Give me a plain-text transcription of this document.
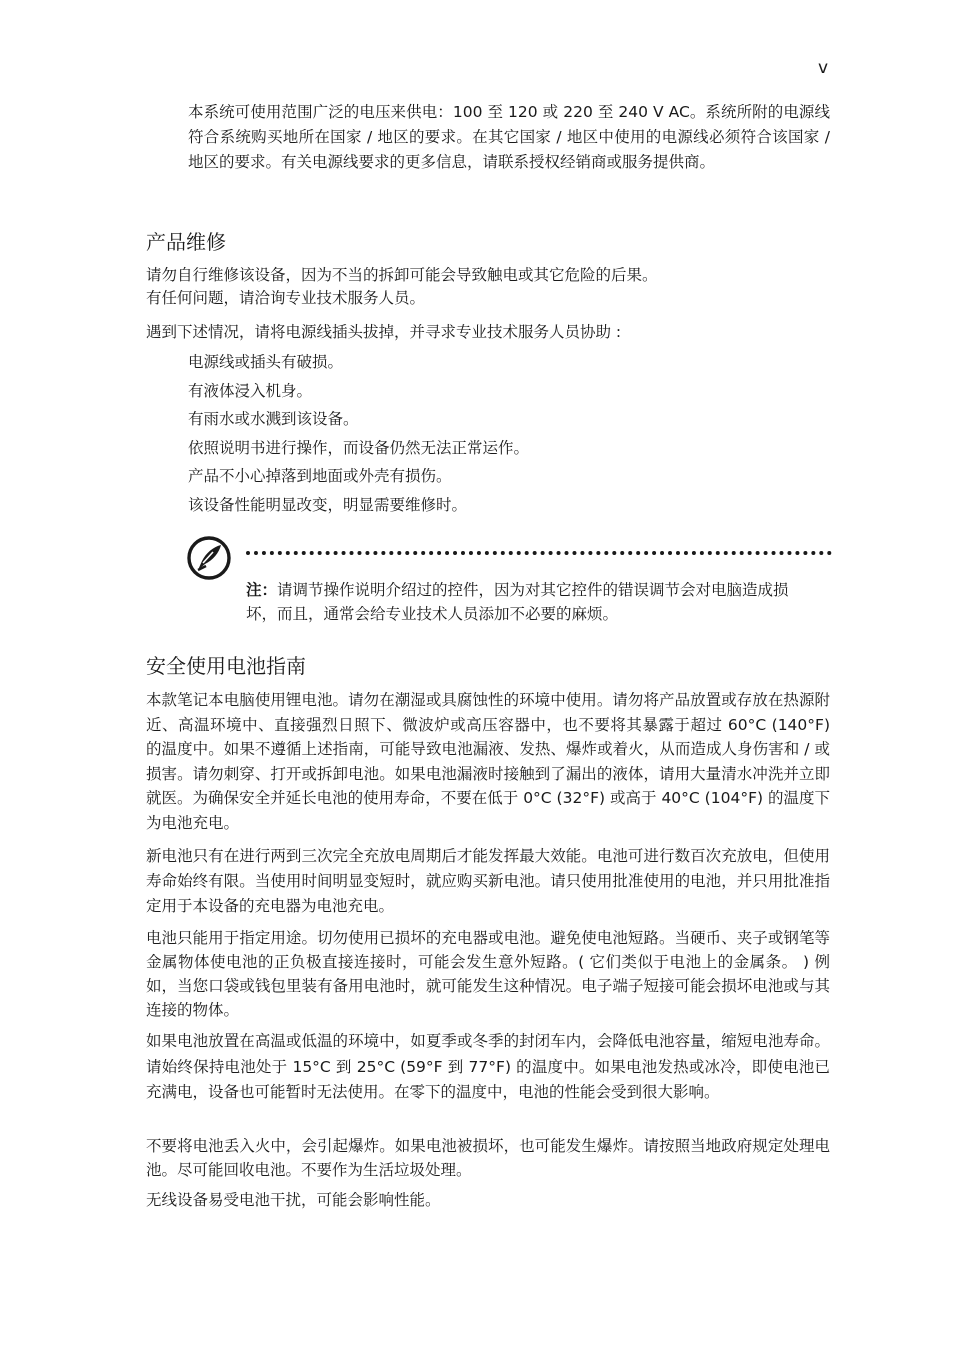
v

本系统可使用范围广泛的电压来供电：100 至 120 或 220 至 240 V AC。系统所附的电源线符合系统购买地所在国家 / 地区的要求。在其它国家 / 地区中使用的电源线必须符合该国家 / 地区的要求。有关电源线要求的更多信息，请联系授权经销商或服务提供商。

产品维修

请勿自行维修该设备，因为不当的拆卸可能会导致触电或其它危险的后果。
有任何问题，请洽询专业技术服务人员。

遇到下述情况，请将电源线插头拔掉，并寻求专业技术服务人员协助 :

电源线或插头有破损。
有液体浸入机身。
有雨水或水溅到该设备。
依照说明书进行操作，而设备仍然无法正常运作。
产品不小心掉落到地面或外壳有损伤。
该设备性能明显改变，明显需要维修时。

注：请调节操作说明介绍过的控件，因为对其它控件的错误调节会对电脑造成损坏，而且，通常会给专业技术人员添加不必要的麻烦。

安全使用电池指南

本款笔记本电脑使用锂电池。请勿在潮湿或具腐蚀性的环境中使用。请勿将产品放置或存放在热源附近、高温环境中、直接强烈日照下、微波炉或高压容器中，也不要将其暴露于超过 60°C (140°F) 的温度中。如果不遵循上述指南，可能导致电池漏液、发热、爆炸或着火，从而造成人身伤害和 / 或损害。请勿刺穿、打开或拆卸电池。如果电池漏液时接触到了漏出的液体，请用大量清水冲洗并立即就医。为确保安全并延长电池的使用寿命，不要在低于 0°C (32°F) 或高于 40°C (104°F) 的温度下为电池充电。

新电池只有在进行两到三次完全充放电周期后才能发挥最大效能。电池可进行数百次充放电，但使用寿命始终有限。当使用时间明显变短时，就应购买新电池。请只使用批准使用的电池，并只用批准指定用于本设备的充电器为电池充电。

电池只能用于指定用途。切勿使用已损坏的充电器或电池。避免使电池短路。当硬币、夹子或钢笔等金属物体使电池的正负极直接连接时，可能会发生意外短路。( 它们类似于电池上的金属条。 ) 例如，当您口袋或钱包里装有备用电池时，就可能发生这种情况。电子端子短接可能会损坏电池或与其连接的物体。

如果电池放置在高温或低温的环境中，如夏季或冬季的封闭车内，会降低电池容量，缩短电池寿命。请始终保持电池处于 15°C 到 25°C (59°F 到 77°F) 的温度中。如果电池发热或冰冷，即使电池已充满电，设备也可能暂时无法使用。在零下的温度中，电池的性能会受到很大影响。

不要将电池丢入火中，会引起爆炸。如果电池被损坏，也可能发生爆炸。请按照当地政府规定处理电池。尽可能回收电池。不要作为生活垃圾处理。

无线设备易受电池干扰，可能会影响性能。
